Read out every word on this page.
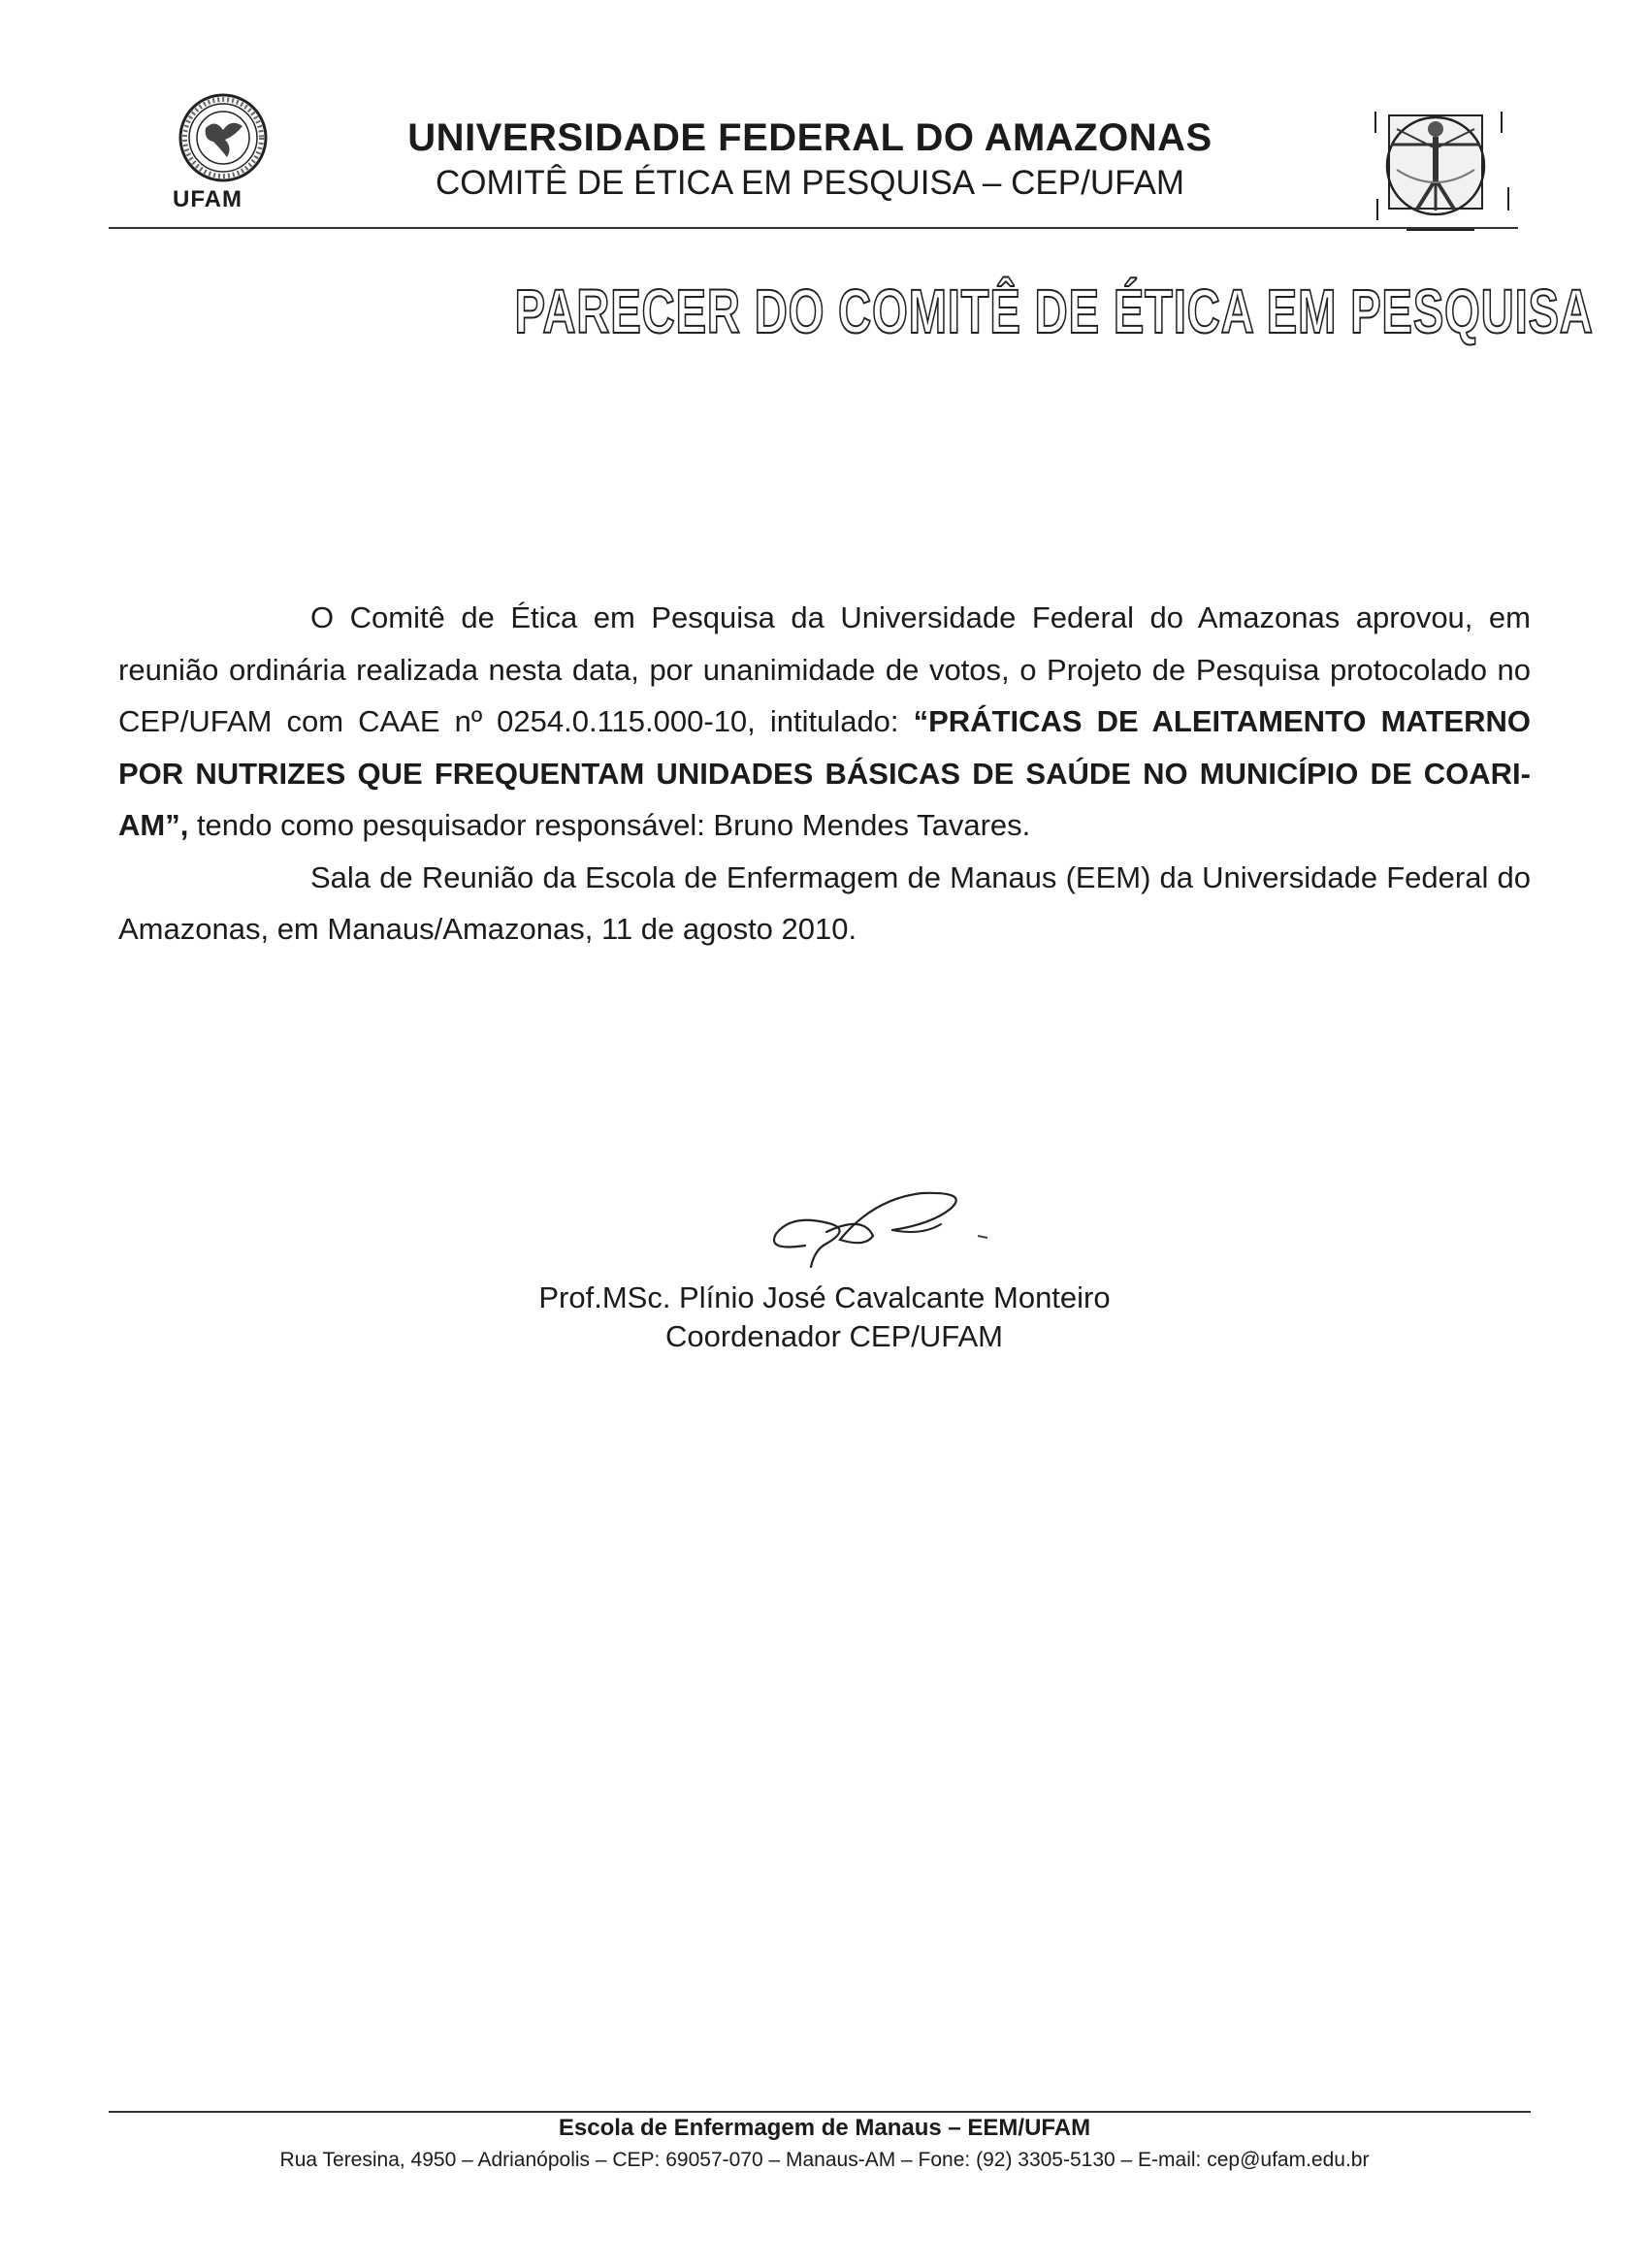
UFAM
UNIVERSIDADE FEDERAL DO AMAZONAS
COMITÊ DE ÉTICA EM PESQUISA – CEP/UFAM
PARECER DO COMITÊ DE ÉTICA EM PESQUISA

O Comitê de Ética em Pesquisa da Universidade Federal do Amazonas aprovou, em reunião ordinária realizada nesta data, por unanimidade de votos, o Projeto de Pesquisa protocolado no CEP/UFAM com CAAE nº 0254.0.115.000-10, intitulado: “PRÁTICAS DE ALEITAMENTO MATERNO POR NUTRIZES QUE FREQUENTAM UNIDADES BÁSICAS DE SAÚDE NO MUNICÍPIO DE COARI-AM”, tendo como pesquisador responsável: Bruno Mendes Tavares.

Sala de Reunião da Escola de Enfermagem de Manaus (EEM) da Universidade Federal do Amazonas, em Manaus/Amazonas, 11 de agosto 2010.

Prof.MSc. Plínio José Cavalcante Monteiro
Coordenador CEP/UFAM
Escola de Enfermagem de Manaus – EEM/UFAM
Rua Teresina, 4950 – Adrianópolis – CEP: 69057-070 – Manaus-AM – Fone: (92) 3305-5130 – E-mail: cep@ufam.edu.br
